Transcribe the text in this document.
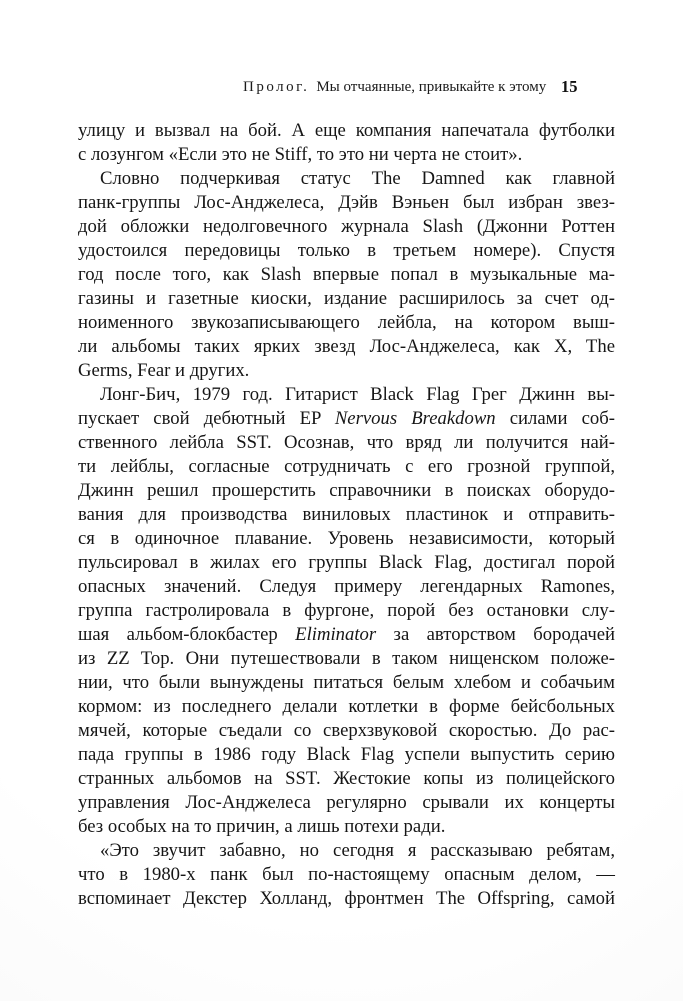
Пролог. Мы отчаянные, привыкайте к этому 15
улицу и вызвал на бой. А еще компания напечатала футболки
с лозунгом «Если это не Stiff, то это ни черта не стоит».
Словно подчеркивая статус The Damned как главной
панк-группы Лос-Анджелеса, Дэйв Вэньен был избран звез-
дой обложки недолговечного журнала Slash (Джонни Роттен
удостоился передовицы только в третьем номере). Спустя
год после того, как Slash впервые попал в музыкальные ма-
газины и газетные киоски, издание расширилось за счет од-
ноименного звукозаписывающего лейбла, на котором выш-
ли альбомы таких ярких звезд Лос-Анджелеса, как X, The
Germs, Fear и других.
Лонг-Бич, 1979 год. Гитарист Black Flag Грег Джинн вы-
пускает свой дебютный EP Nervous Breakdown силами соб-
ственного лейбла SST. Осознав, что вряд ли получится най-
ти лейблы, согласные сотрудничать с его грозной группой,
Джинн решил прошерстить справочники в поисках оборудо-
вания для производства виниловых пластинок и отправить-
ся в одиночное плавание. Уровень независимости, который
пульсировал в жилах его группы Black Flag, достигал порой
опасных значений. Следуя примеру легендарных Ramones,
группа гастролировала в фургоне, порой без остановки слу-
шая альбом-блокбастер Eliminator за авторством бородачей
из ZZ Top. Они путешествовали в таком нищенском положе-
нии, что были вынуждены питаться белым хлебом и собачьим
кормом: из последнего делали котлетки в форме бейсбольных
мячей, которые съедали со сверхзвуковой скоростью. До рас-
пада группы в 1986 году Black Flag успели выпустить серию
странных альбомов на SST. Жестокие копы из полицейского
управления Лос-Анджелеса регулярно срывали их концерты
без особых на то причин, а лишь потехи ради.
«Это звучит забавно, но сегодня я рассказываю ребятам,
что в 1980-х панк был по-настоящему опасным делом, —
вспоминает Декстер Холланд, фронтмен The Offspring, самой
